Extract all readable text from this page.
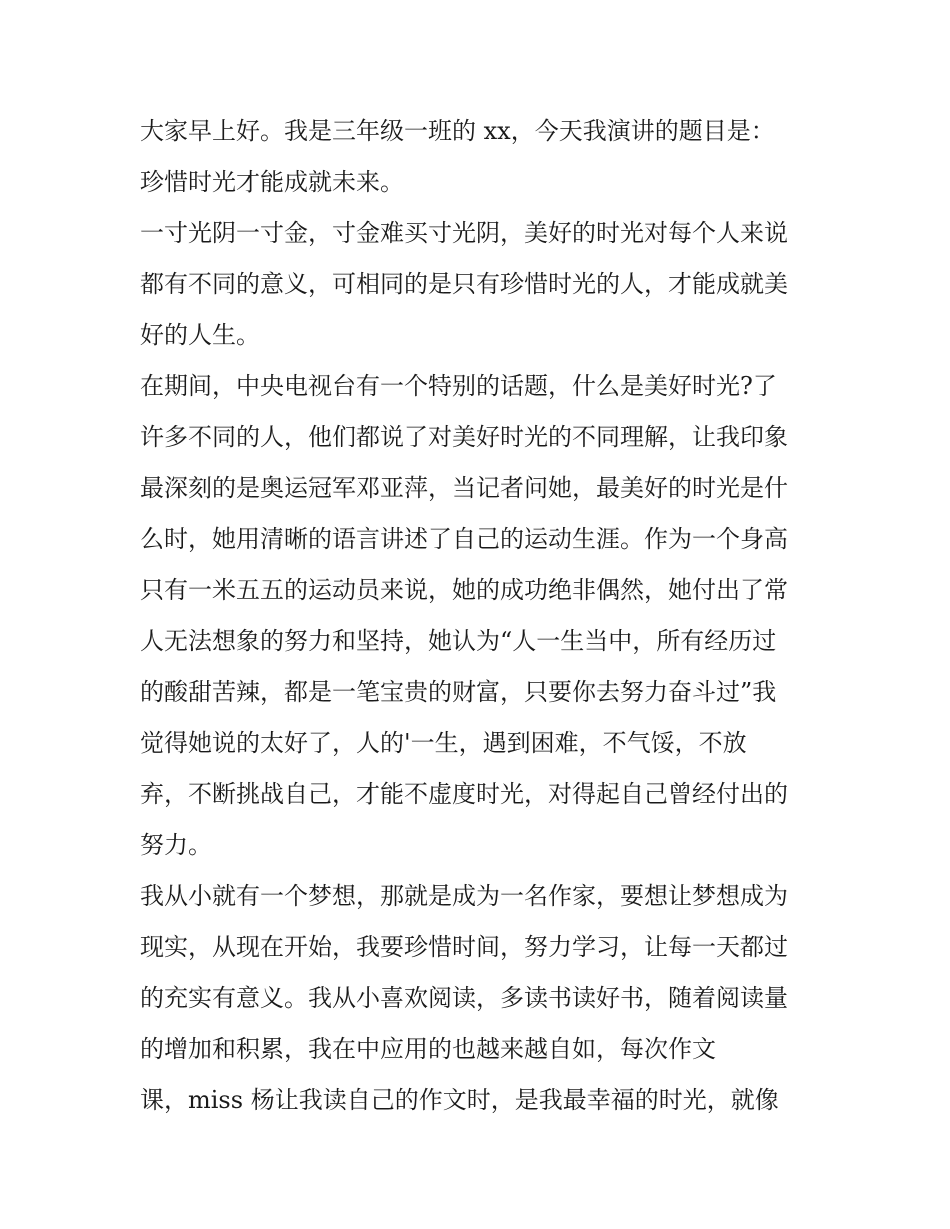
大家早上好。我是三年级一班的 xx，今天我演讲的题目是：
珍惜时光才能成就未来。
一寸光阴一寸金，寸金难买寸光阴，美好的时光对每个人来说
都有不同的意义，可相同的是只有珍惜时光的人，才能成就美
好的人生。
在期间，中央电视台有一个特别的话题，什么是美好时光?了
许多不同的人，他们都说了对美好时光的不同理解，让我印象
最深刻的是奥运冠军邓亚萍，当记者问她，最美好的时光是什
么时，她用清晰的语言讲述了自己的运动生涯。作为一个身高
只有一米五五的运动员来说，她的成功绝非偶然，她付出了常
人无法想象的努力和坚持，她认为“人一生当中，所有经历过
的酸甜苦辣，都是一笔宝贵的财富，只要你去努力奋斗过”我
觉得她说的太好了，人的'一生，遇到困难，不气馁，不放
弃，不断挑战自己，才能不虚度时光，对得起自己曾经付出的
努力。
我从小就有一个梦想，那就是成为一名作家，要想让梦想成为
现实，从现在开始，我要珍惜时间，努力学习，让每一天都过
的充实有意义。我从小喜欢阅读，多读书读好书，随着阅读量
的增加和积累，我在中应用的也越来越自如，每次作文
课，miss 杨让我读自己的作文时，是我最幸福的时光，就像
